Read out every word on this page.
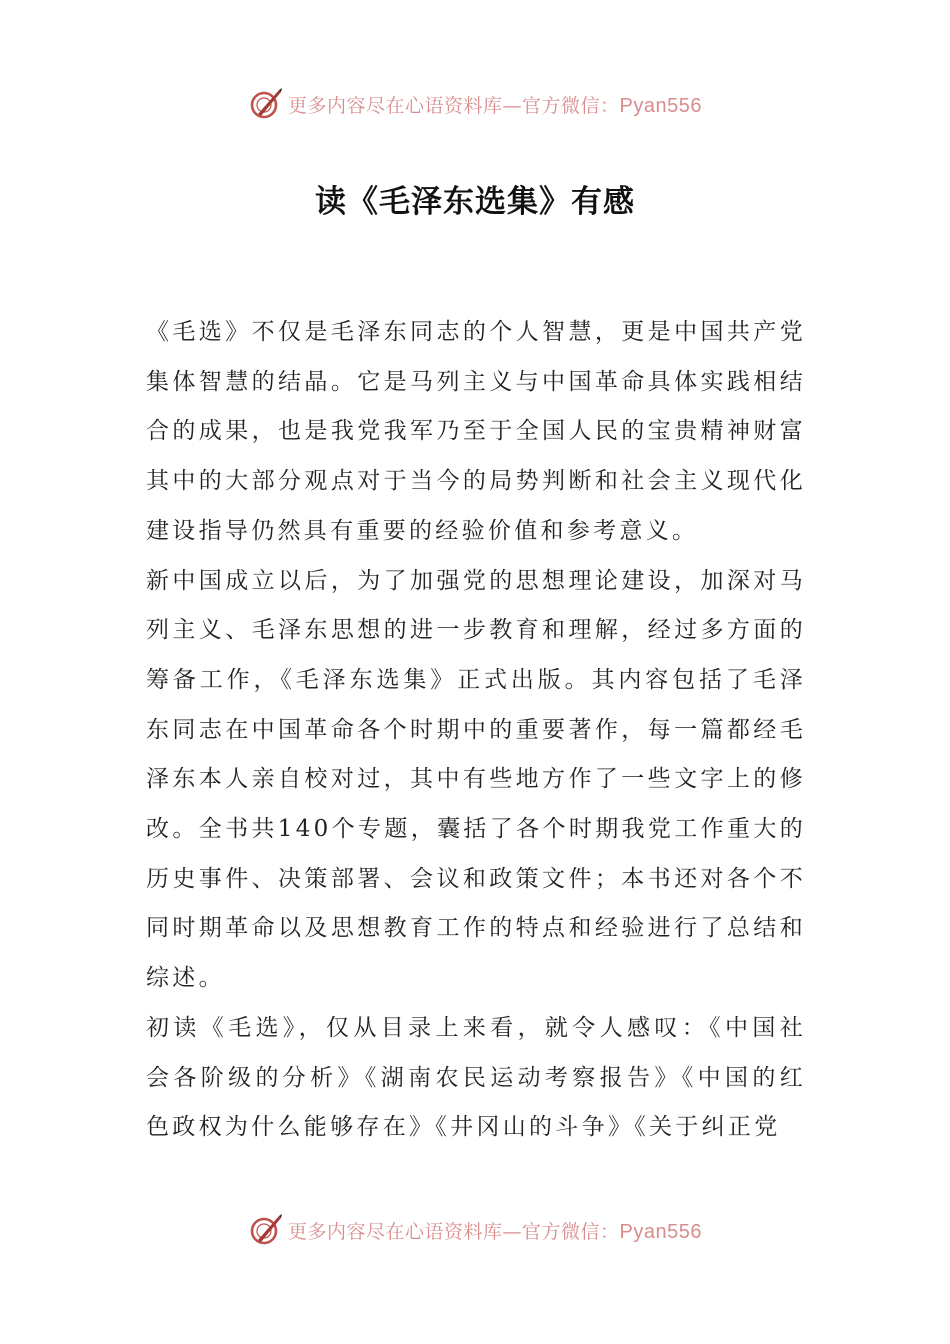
更多内容尽在心语资料库—官方微信：Pyan556
读《毛泽东选集》有感

《毛选》不仅是毛泽东同志的个人智慧，更是中国共产党集体智慧的结晶。它是马列主义与中国革命具体实践相结合的成果，也是我党我军乃至于全国人民的宝贵精神财富其中的大部分观点对于当今的局势判断和社会主义现代化建设指导仍然具有重要的经验价值和参考意义。

新中国成立以后，为了加强党的思想理论建设，加深对马列主义、毛泽东思想的进一步教育和理解，经过多方面的筹备工作，《毛泽东选集》正式出版。其内容包括了毛泽东同志在中国革命各个时期中的重要著作，每一篇都经毛泽东本人亲自校对过，其中有些地方作了一些文字上的修改。全书共140个专题，囊括了各个时期我党工作重大的历史事件、决策部署、会议和政策文件；本书还对各个不同时期革命以及思想教育工作的特点和经验进行了总结和综述。

初读《毛选》，仅从目录上来看，就令人感叹：《中国社会各阶级的分析》《湖南农民运动考察报告》《中国的红色政权为什么能够存在》《井冈山的斗争》《关于纠正党

更多内容尽在心语资料库—官方微信：Pyan556
